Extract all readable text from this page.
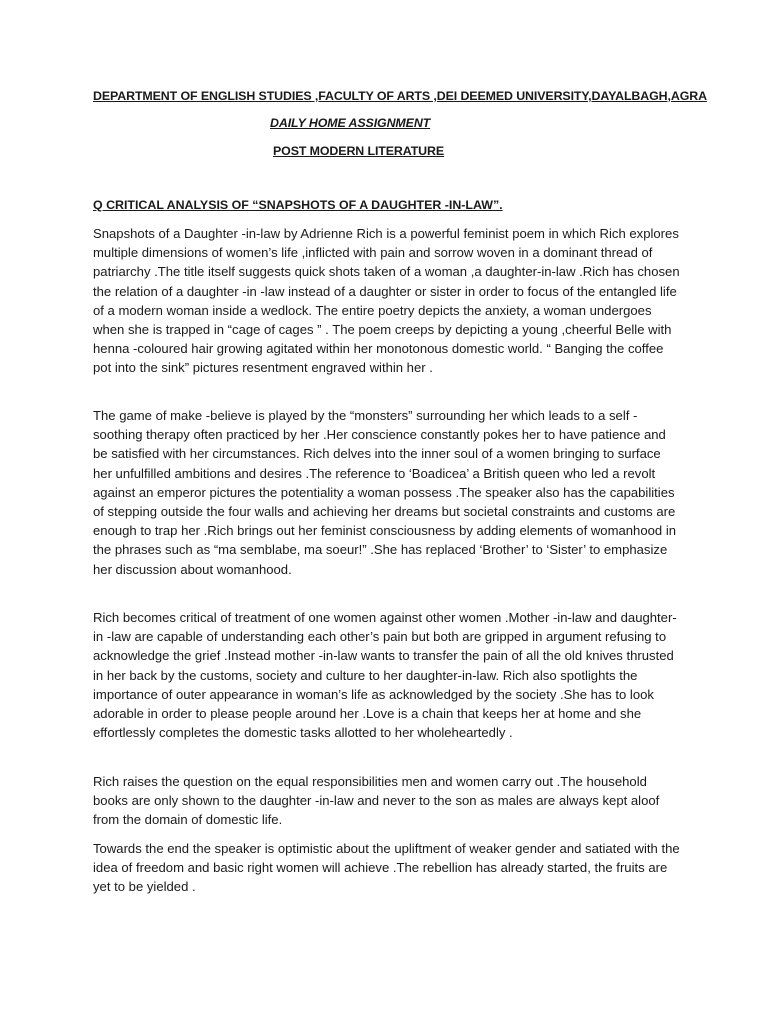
DEPARTMENT OF ENGLISH STUDIES ,FACULTY OF ARTS ,DEI DEEMED UNIVERSITY,DAYALBAGH,AGRA
DAILY HOME ASSIGNMENT
POST MODERN LITERATURE
Q CRITICAL ANALYSIS OF “SNAPSHOTS OF A DAUGHTER -IN-LAW”.

Snapshots of a Daughter -in-law by Adrienne Rich is a powerful feminist poem in which Rich explores multiple dimensions of women’s life ,inflicted with pain and sorrow woven in a dominant thread of patriarchy .The title itself suggests quick shots taken of a woman ,a daughter-in-law .Rich has chosen the relation of a daughter -in -law instead of a daughter or sister in order to focus of the entangled life of a modern woman inside a wedlock. The entire poetry depicts the anxiety, a woman undergoes when she is trapped in “cage of cages ” . The poem creeps by depicting a young ,cheerful Belle with henna -coloured hair growing agitated within her monotonous domestic world. “ Banging the coffee pot into the sink” pictures resentment engraved within her .

The game of make -believe is played by the “monsters” surrounding her which leads to a self -soothing therapy often practiced by her .Her conscience constantly pokes her to have patience and be satisfied with her circumstances. Rich delves into the inner soul of a women bringing to surface her unfulfilled ambitions and desires .The reference to ‘Boadicea’ a British queen who led a revolt against an emperor pictures the potentiality a woman possess .The speaker also has the capabilities of stepping outside the four walls and achieving her dreams but societal constraints and customs are enough to trap her .Rich brings out her feminist consciousness by adding elements of womanhood in the phrases such as “ma semblabe, ma soeur!” .She has replaced ‘Brother’ to ‘Sister’ to emphasize her discussion about womanhood.

Rich becomes critical of treatment of one women against other women .Mother -in-law and daughter- in -law are capable of understanding each other’s pain but both are gripped in argument refusing to acknowledge the grief .Instead mother -in-law wants to transfer the pain of all the old knives thrusted in her back by the customs, society and culture to her daughter-in-law. Rich also spotlights the importance of outer appearance in woman’s life as acknowledged by the society .She has to look adorable in order to please people around her .Love is a chain that keeps her at home and she effortlessly completes the domestic tasks allotted to her wholeheartedly .

Rich raises the question on the equal responsibilities men and women carry out .The household books are only shown to the daughter -in-law and never to the son as males are always kept aloof from the domain of domestic life.

Towards the end the speaker is optimistic about the upliftment of weaker gender and satiated with the idea of freedom and basic right women will achieve .The rebellion has already started, the fruits are yet to be yielded .
